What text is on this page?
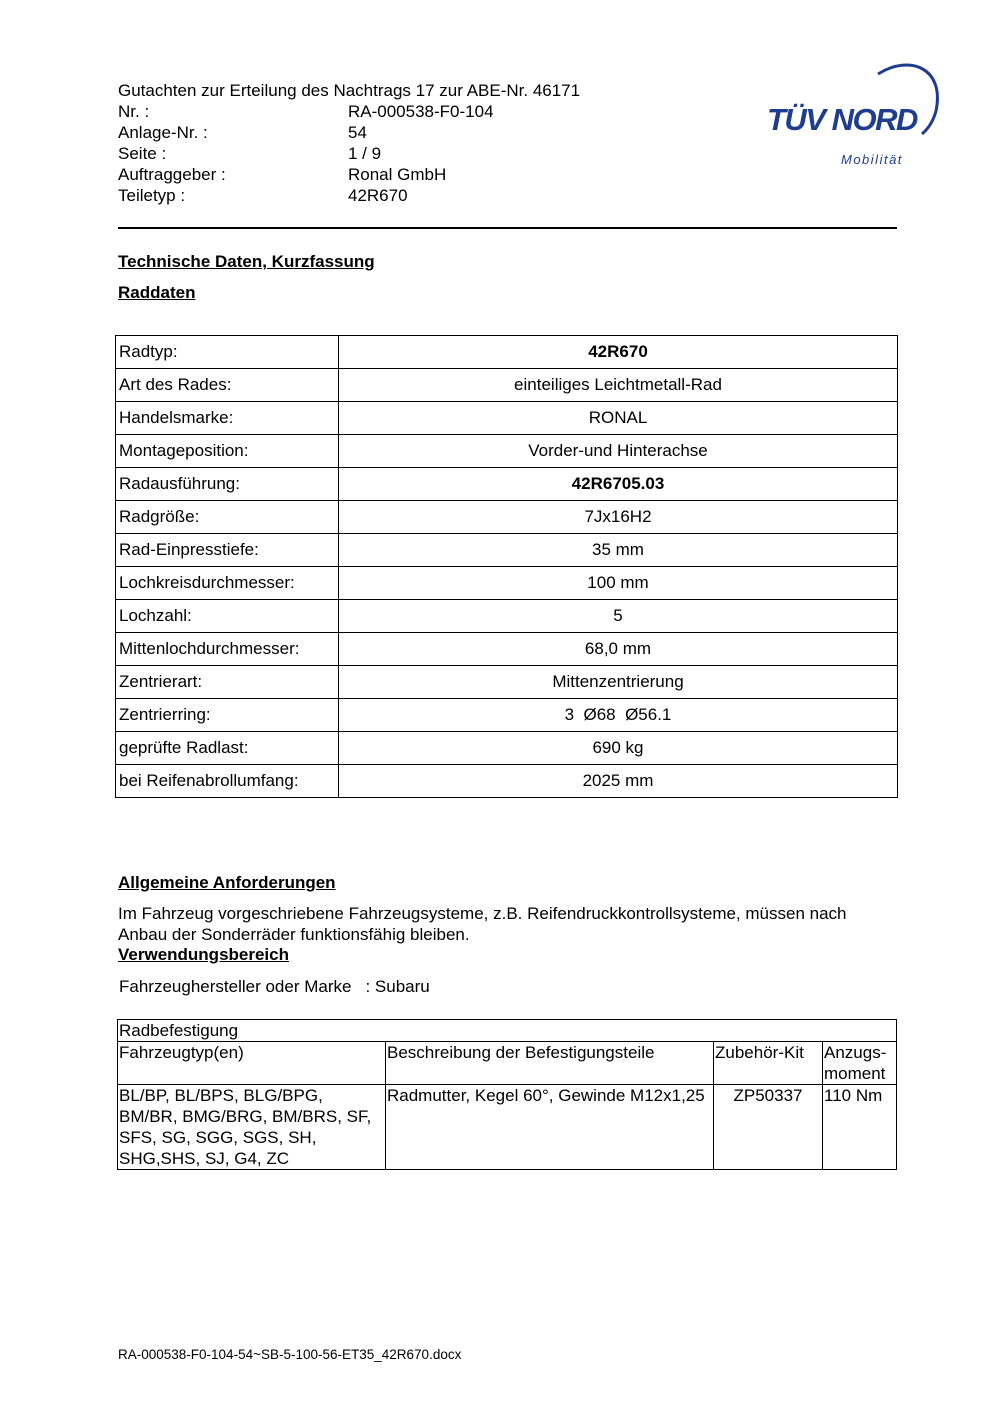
Gutachten zur Erteilung des Nachtrags 17 zur ABE-Nr. 46171
Nr. :	RA-000538-F0-104
Anlage-Nr. :	54
Seite :	1 / 9
Auftraggeber :	Ronal GmbH
Teiletyp :	42R670
TÜV NORD
Mobilität
Technische Daten, Kurzfassung
Raddaten
Radtyp:	42R670
Art des Rades:	einteiliges Leichtmetall-Rad
Handelsmarke:	RONAL
Montageposition:	Vorder-und Hinterachse
Radausführung:	42R6705.03
Radgröße:	7Jx16H2
Rad-Einpresstiefe:	35 mm
Lochkreisdurchmesser:	100 mm
Lochzahl:	5
Mittenlochdurchmesser:	68,0 mm
Zentrierart:	Mittenzentrierung
Zentrierring:	3  Ø68  Ø56.1
geprüfte Radlast:	690 kg
bei Reifenabrollumfang:	2025 mm
Allgemeine Anforderungen
Im Fahrzeug vorgeschriebene Fahrzeugsysteme, z.B. Reifendruckkontrollsysteme, müssen nach Anbau der Sonderräder funktionsfähig bleiben.
Verwendungsbereich
Fahrzeughersteller oder Marke : Subaru
Radbefestigung			
Fahrzeugtyp(en)	Beschreibung der Befestigungsteile	Zubehör-Kit	Anzugs-
moment
BL/BP, BL/BPS, BLG/BPG, BM/BR, BMG/BRG, BM/BRS, SF, SFS, SG, SGG, SGS, SH, SHG,SHS, SJ, G4, ZC	Radmutter, Kegel 60°, Gewinde M12x1,25	ZP50337	110 Nm
RA-000538-F0-104-54~SB-5-100-56-ET35_42R670.docx
